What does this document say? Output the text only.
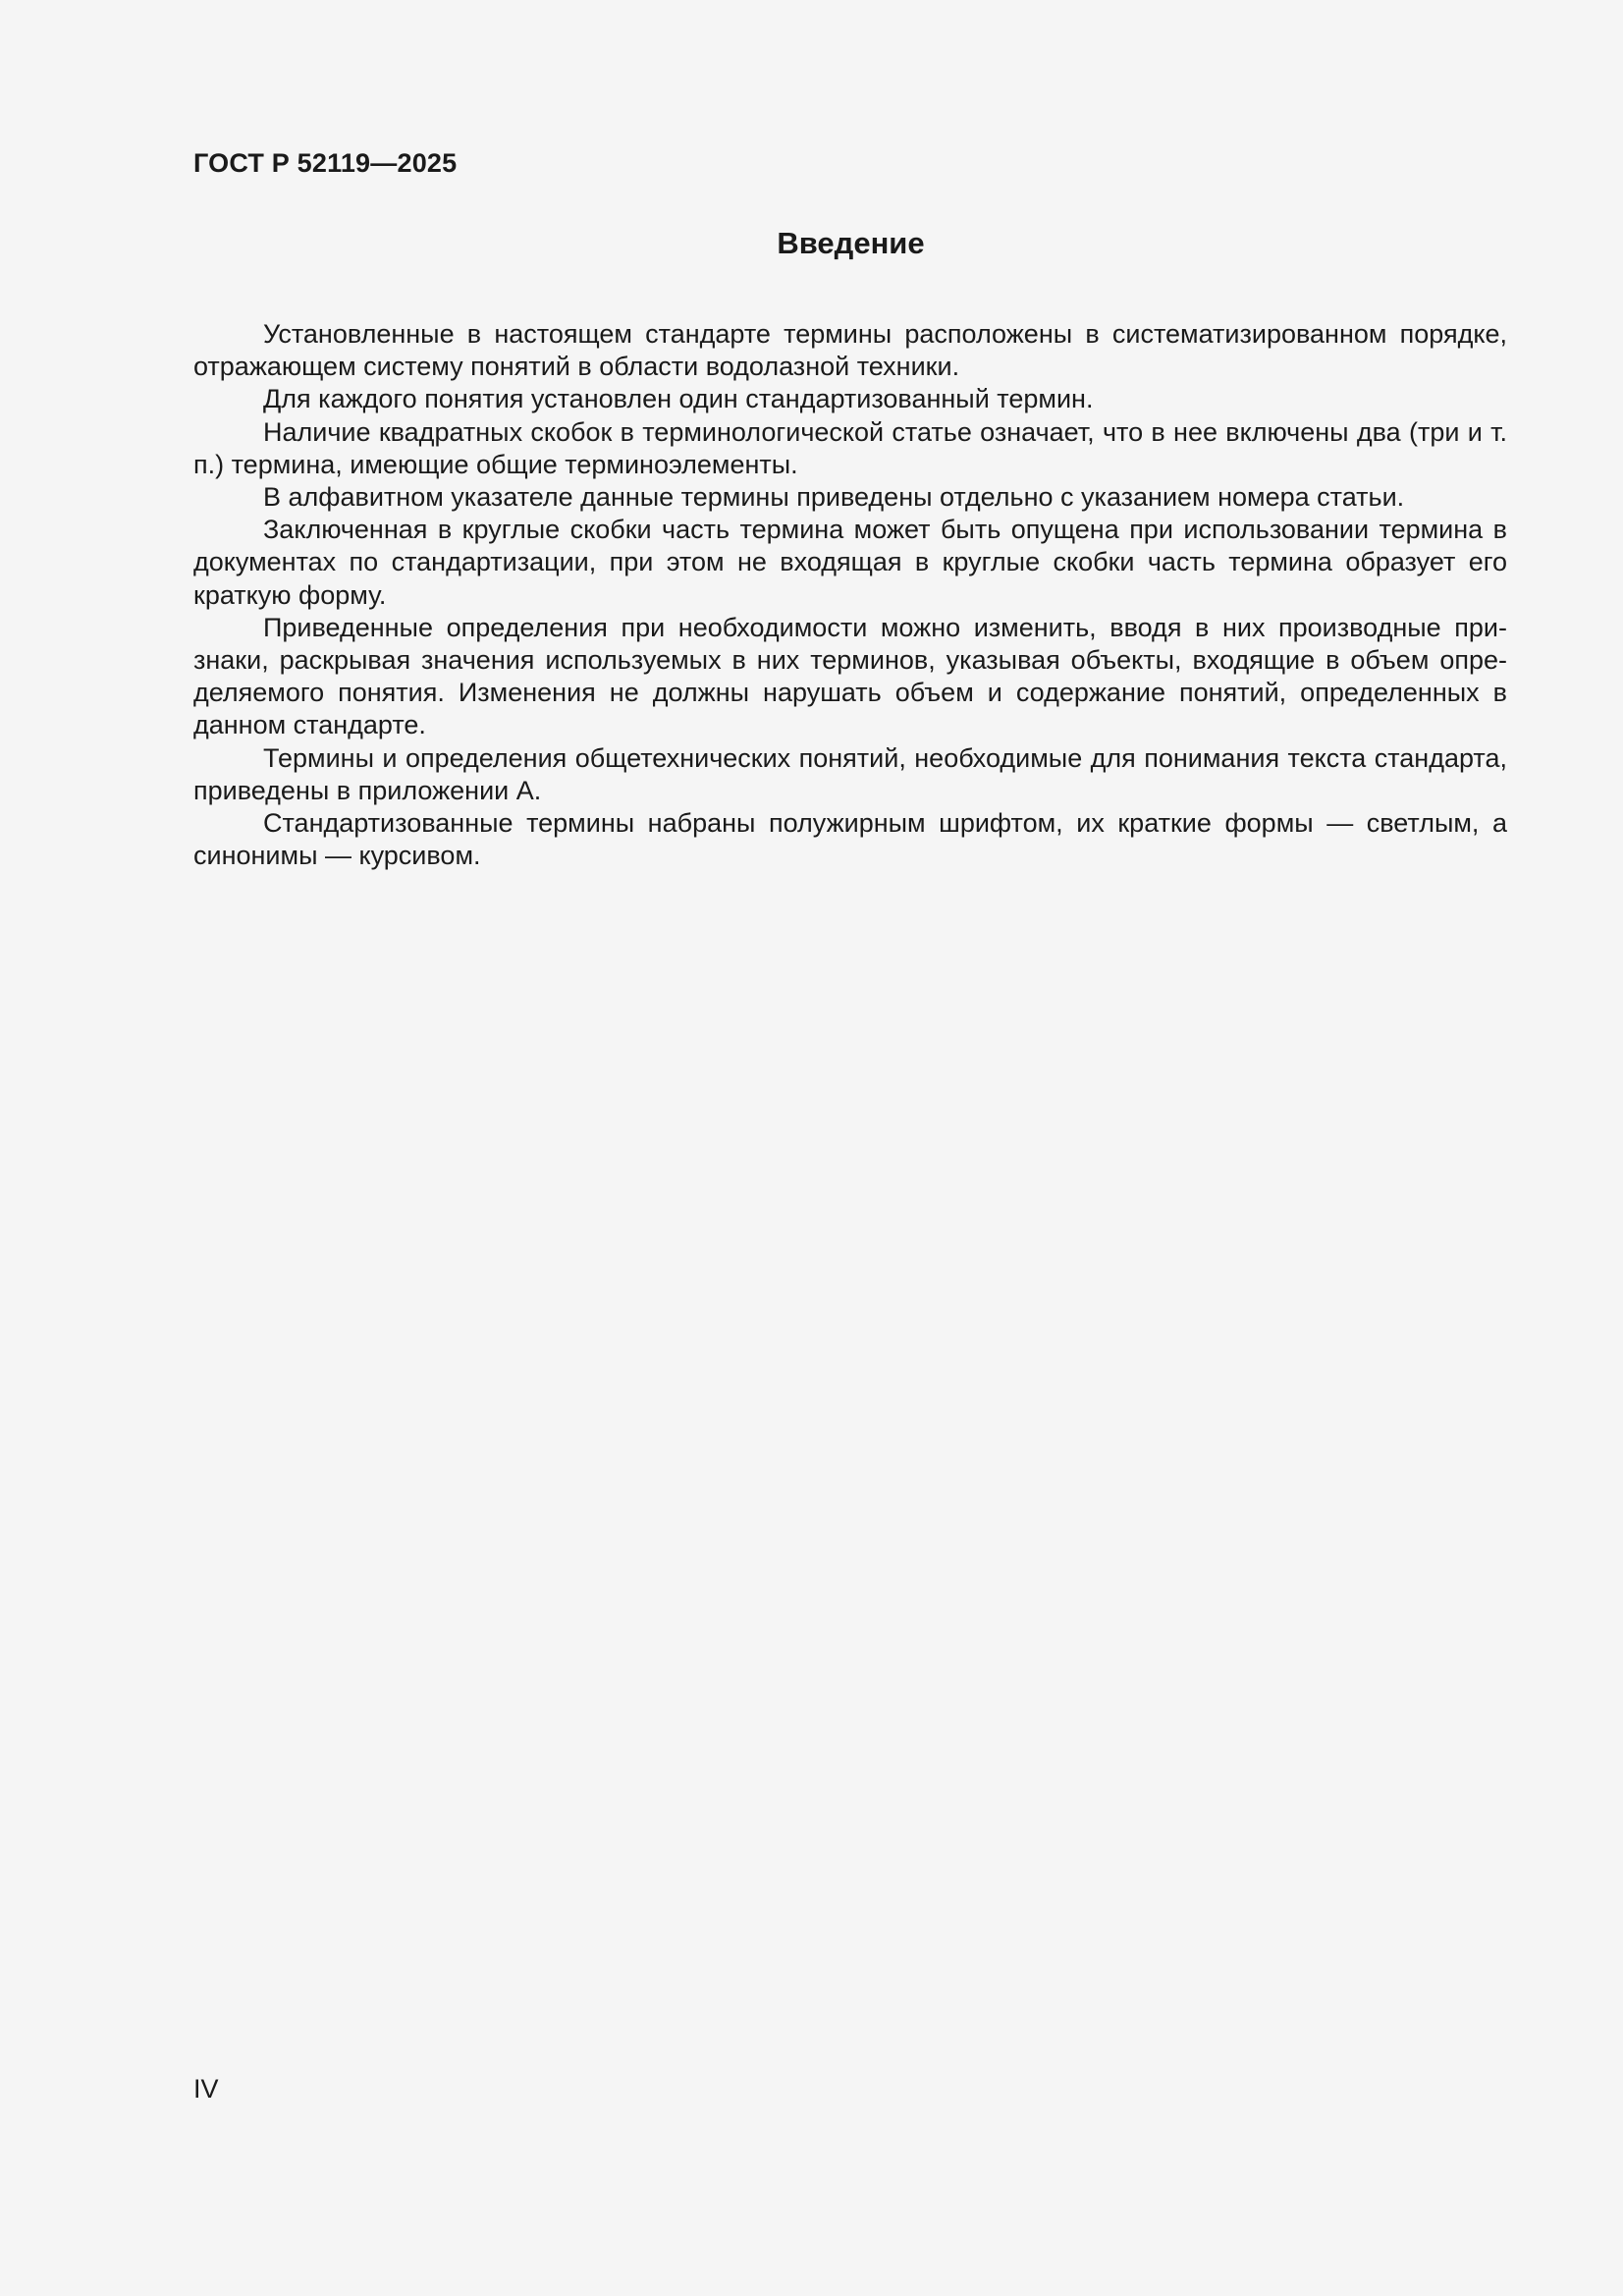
ГОСТ Р 52119—2025
Введение

Установленные в настоящем стандарте термины расположены в систематизированном порядке, отражающем систему понятий в области водолазной техники.

Для каждого понятия установлен один стандартизованный термин.

Наличие квадратных скобок в терминологической статье означает, что в нее включены два (три и т. п.) термина, имеющие общие терминоэлементы.

В алфавитном указателе данные термины приведены отдельно с указанием номера статьи.

Заключенная в круглые скобки часть термина может быть опущена при использовании термина в документах по стандартизации, при этом не входящая в круглые скобки часть термина образует его краткую форму.

Приведенные определения при необходимости можно изменить, вводя в них производные признаки, раскрывая значения используемых в них терминов, указывая объекты, входящие в объем определяемого понятия. Изменения не должны нарушать объем и содержание понятий, определенных в данном стандарте.

Термины и определения общетехнических понятий, необходимые для понимания текста стандарта, приведены в приложении А.

Стандартизованные термины набраны полужирным шрифтом, их краткие формы — светлым, а синонимы — курсивом.

IV
